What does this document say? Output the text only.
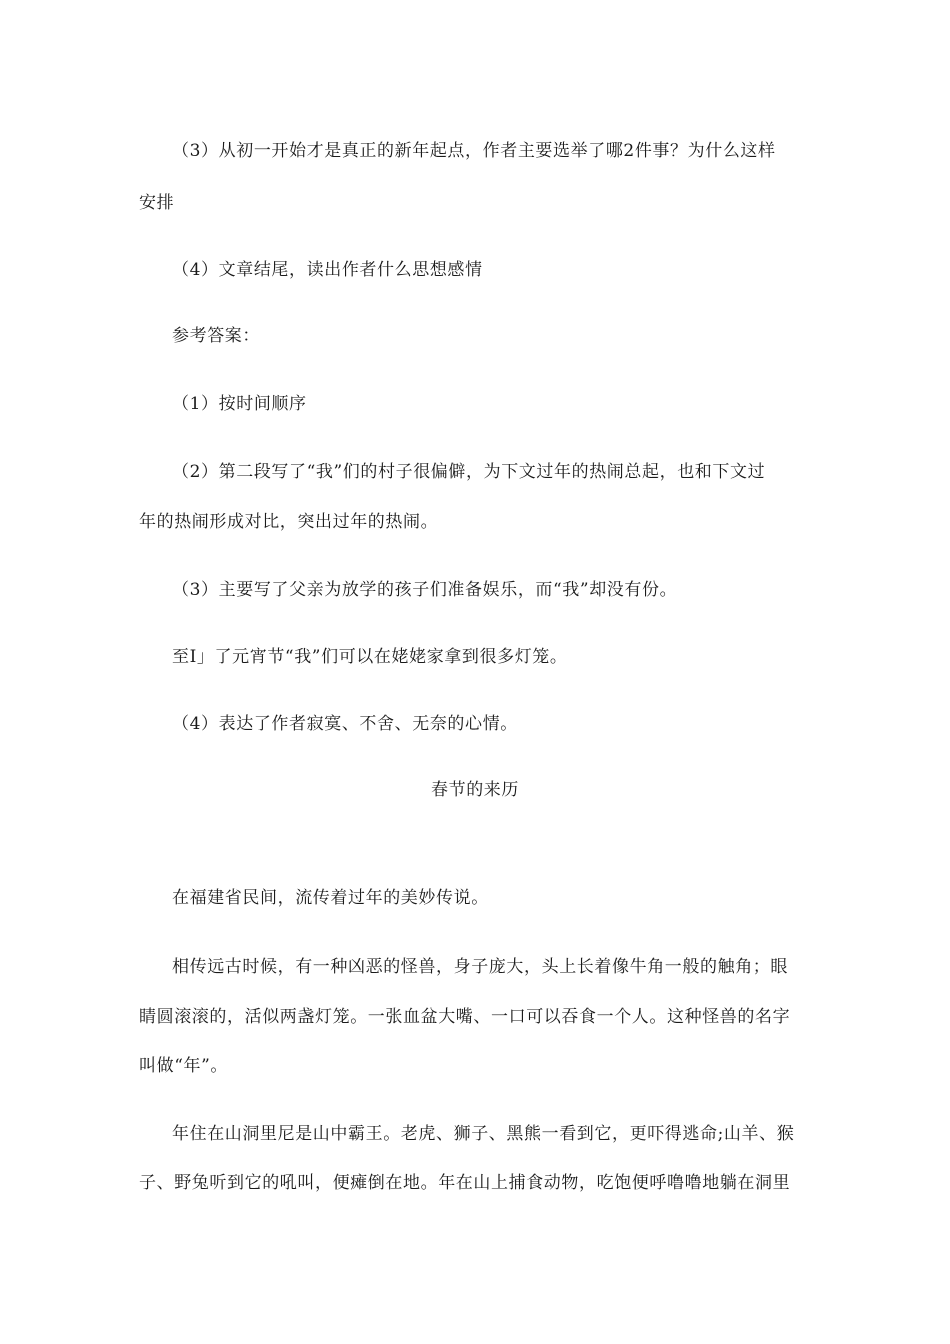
（3）从初一开始才是真正的新年起点，作者主要选举了哪2件事？为什么这样
安排
（4）文章结尾，读出作者什么思想感情
参考答案：
（1）按时间顺序
（2）第二段写了“我”们的村子很偏僻，为下文过年的热闹总起，也和下文过
年的热闹形成对比，突出过年的热闹。
（3）主要写了父亲为放学的孩子们准备娱乐，而“我”却没有份。
至I」了元宵节“我”们可以在姥姥家拿到很多灯笼。
（4）表达了作者寂寞、不舍、无奈的心情。
春节的来历
在福建省民间，流传着过年的美妙传说。
相传远古时候，有一种凶恶的怪兽，身子庞大，头上长着像牛角一般的触角；眼
睛圆滚滚的，活似两盏灯笼。一张血盆大嘴、一口可以吞食一个人。这种怪兽的名字
叫做“年”。
年住在山洞里尼是山中霸王。老虎、狮子、黑熊一看到它，更吓得逃命;山羊、猴
子、野兔听到它的吼叫，便瘫倒在地。年在山上捕食动物，吃饱便呼噜噜地躺在洞里
